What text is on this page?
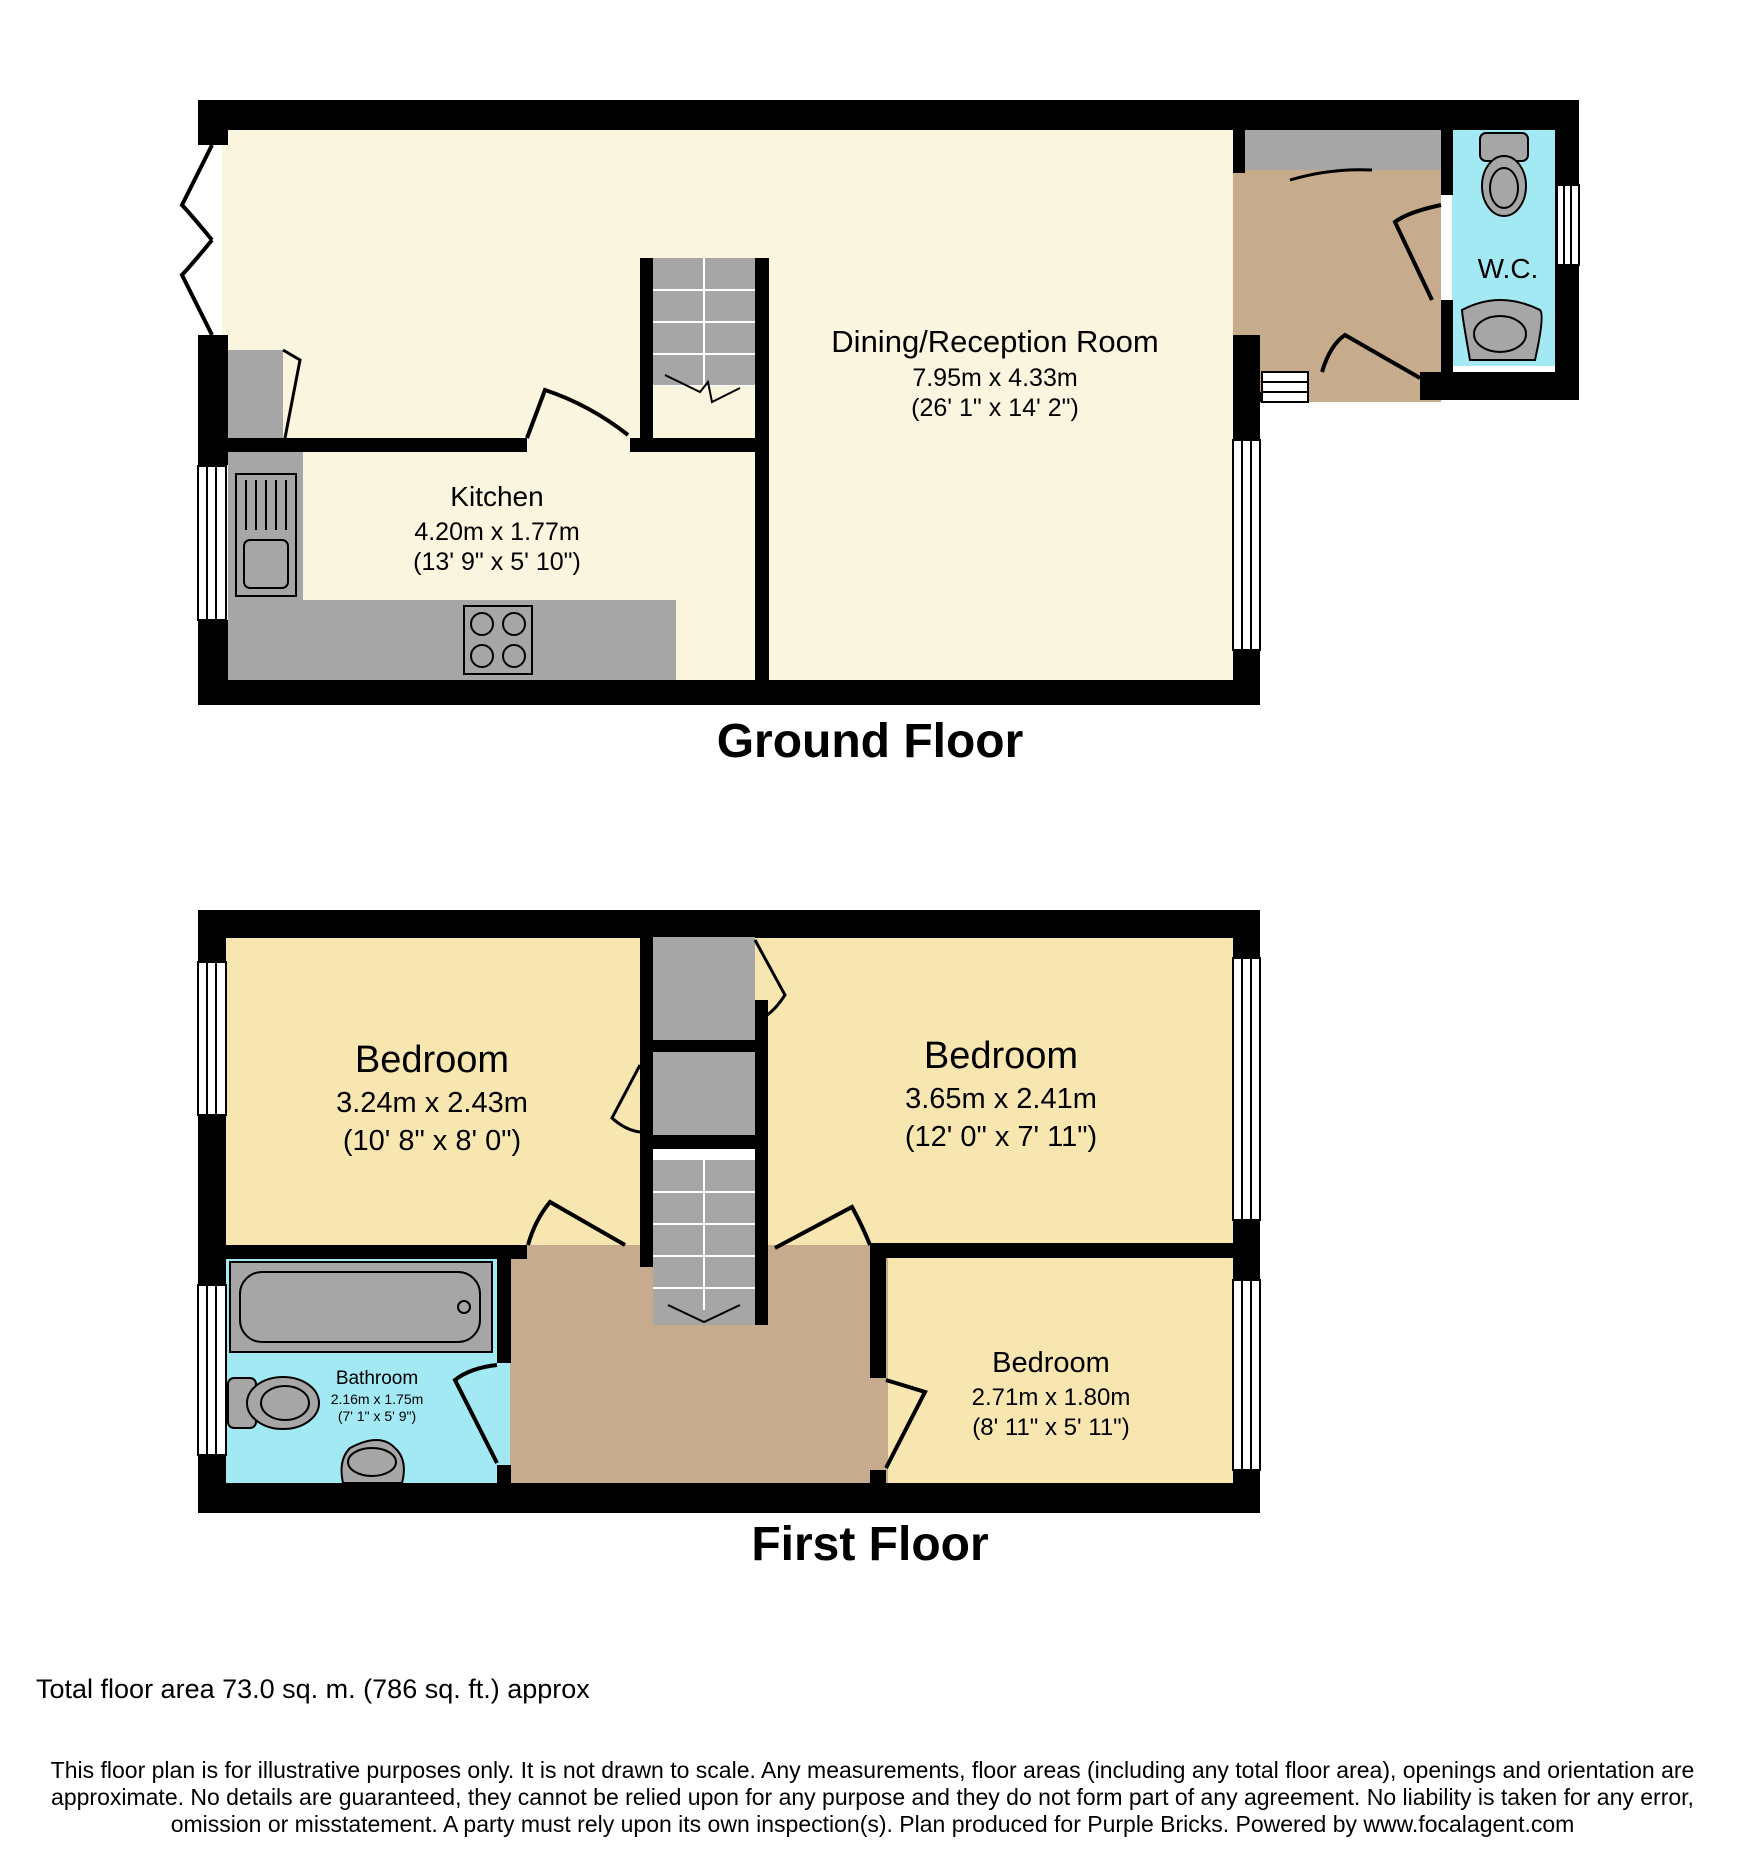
Dining/Reception Room
7.95m x 4.33m
(26' 1" x 14' 2")
Kitchen
4.20m x 1.77m
(13' 9" x 5' 10")
W.C.
Ground Floor
Bedroom
3.24m x 2.43m
(10' 8" x 8' 0")
Bedroom
3.65m x 2.41m
(12' 0" x 7' 11")
Bedroom
2.71m x 1.80m
(8' 11" x 5' 11")
Bathroom
2.16m x 1.75m
(7' 1" x 5' 9")
First Floor

Total floor area 73.0 sq. m. (786 sq. ft.) approx

This floor plan is for illustrative purposes only. It is not drawn to scale. Any measurements, floor areas (including any total floor area), openings and orientation are approximate. No details are guaranteed, they cannot be relied upon for any purpose and they do not form part of any agreement. No liability is taken for any error, omission or misstatement. A party must rely upon its own inspection(s). Plan produced for Purple Bricks. Powered by www.focalagent.com
